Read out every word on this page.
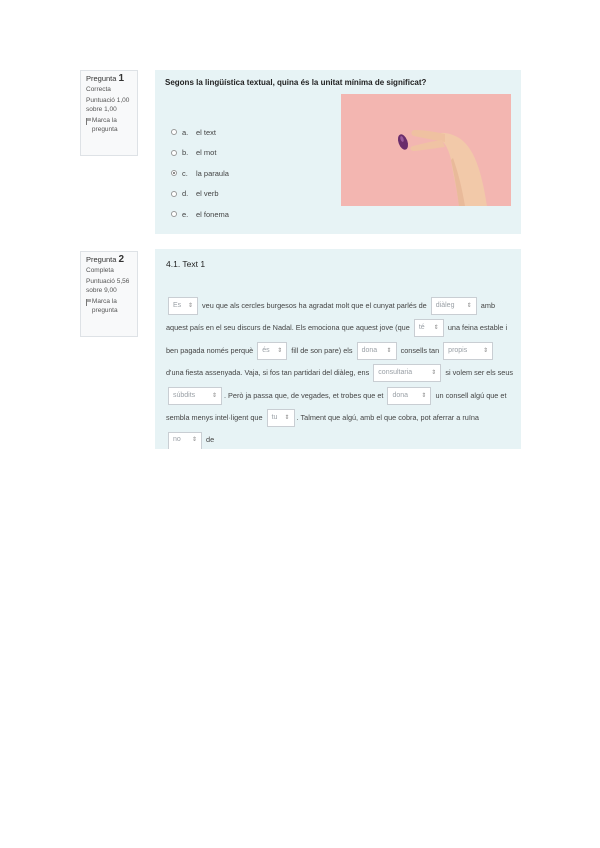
Pregunta 1
Correcta
Puntuació 1,00 sobre 1,00
Marca la pregunta
Segons la lingüística textual, quina és la unitat mínima de significat?
a.	el text
b.	el mot
c.	la paraula
d.	el verb
e.	el fonema
Pregunta 2
Completa
Puntuació 5,56 sobre 9,00
Marca la pregunta
4.1. Text 1
Es ⇕ veu que als cercles burgesos ha agradat molt que el cunyat parlés de diàleg ⇕ amb aquest país en el seu discurs de Nadal. Els emociona que aquest jove (que té ⇕ una feina estable i ben pagada només perquè és ⇕ fill de son pare) els dona ⇕ consells tan propis	⇕
d'una fiesta assenyada. Vaja, si fos tan partidari del diàleg, ens consultaria	⇕ si volem ser els seus
súbdits	⇕ . Però ja passa que, de vegades, et trobes que et dona ⇕ un consell algú que et sembla menys intel·ligent que tu ⇕ . Talment que algú, amb el que cobra, pot aferrar a ruïna
no ⇕ de
